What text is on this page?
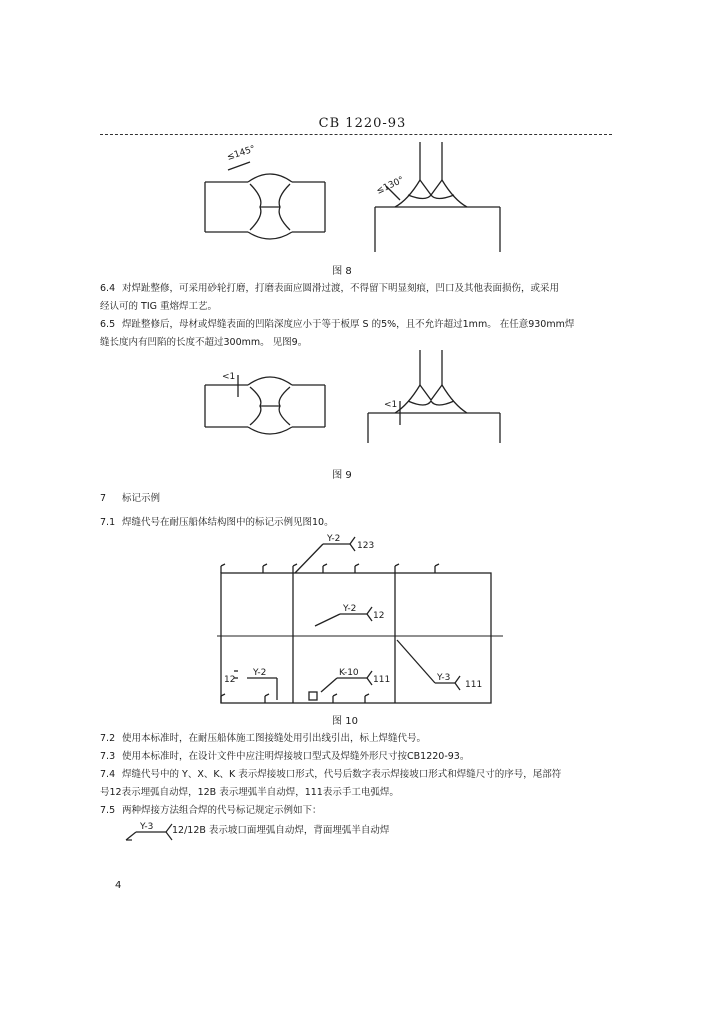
CB 1220-93
≤145°
≤130°
图 8
6.4 对焊趾整修，可采用砂轮打磨，打磨表面应圆滑过渡，不得留下明显刻痕，凹口及其他表面损伤，或采用
经认可的 TIG 重熔焊工艺。
6.5 焊趾整修后，母材或焊缝表面的凹陷深度应小于等于板厚 S 的5%，且不允许超过1mm。 在任意930mm焊
缝长度内有凹陷的长度不超过300mm。 见图9。
<1
<1
图 9
7 标记示例
7.1 焊缝代号在耐压船体结构图中的标记示例见图10。
Y-2
123
Y-2
12
Y-2
12
K-10
111	Y-3
111
图 10
7.2 使用本标准时，在耐压船体施工图接缝处用引出线引出，标上焊缝代号。
7.3 使用本标准时，在设计文件中应注明焊接坡口型式及焊缝外形尺寸按CB1220-93。
7.4 焊缝代号中的 Y、X、K、K 表示焊接坡口形式，代号后数字表示焊接坡口形式和焊缝尺寸的序号，尾部符
号12表示埋弧自动焊，12B 表示埋弧半自动焊，111表示手工电弧焊。
7.5 两种焊接方法组合焊的代号标记规定示例如下：
Y-3 12/12B 表示坡口面埋弧自动焊，背面埋弧半自动焊
4
